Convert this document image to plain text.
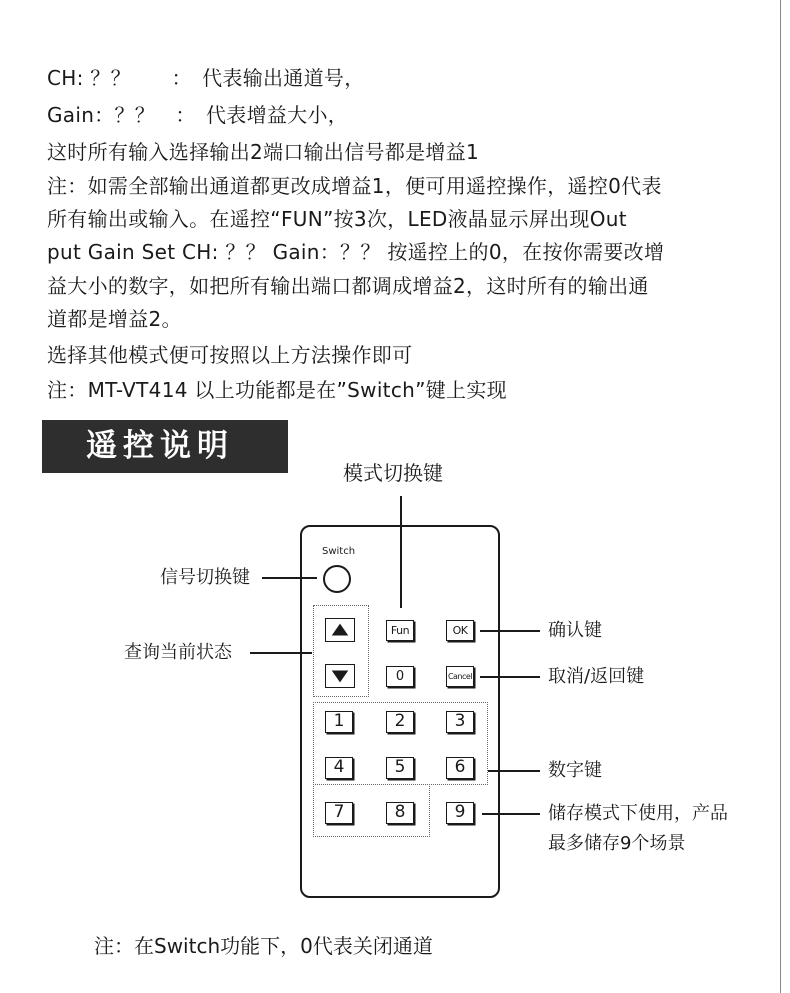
CH: ？？　　：　代表输出通道号，
Gain：？？　：　代表增益大小，
这时所有输入选择输出2端口输出信号都是增益1
注：如需全部输出通道都更改成增益1，便可用遥控操作，遥控0代表
所有输出或输入。在遥控“FUN”按3次，LED液晶显示屏出现Out
put Gain Set CH: ？？ Gain：？？ 按遥控上的0，在按你需要改增
益大小的数字，如把所有输出端口都调成增益2，这时所有的输出通
道都是增益2。
选择其他模式便可按照以上方法操作即可
注：MT-VT414 以上功能都是在”Switch”键上实现
遥控说明
模式切换键
信号切换键
查询当前状态
确认键
取消/返回键
数字键
储存模式下使用，产品
最多储存9个场景
Switch
Fun	OK
0	Cancel
1	2	3
4	5	6
7	8	9
注：在Switch功能下，0代表关闭通道
